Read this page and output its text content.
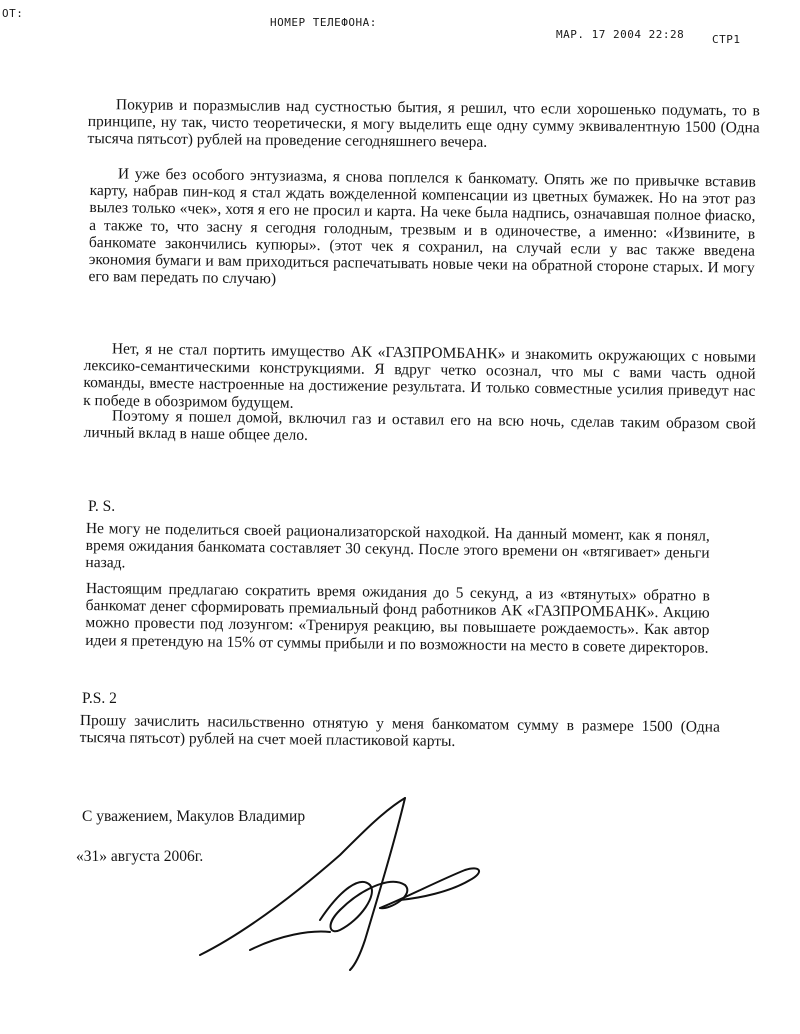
ОТ:
НОМЕР ТЕЛЕФОНА:
МАР. 17 2004 22:28	СТР1
Покурив и поразмыслив над сустностью бытия, я решил, что если хорошенько подумать, то в принципе, ну так, чисто теоретически, я могу выделить еще одну сумму эквивалентную 1500 (Одна тысяча пятьсот) рублей на проведение сегодняшнего вечера.
И уже без особого энтузиазма, я снова поплелся к банкомату. Опять же по привычке вставив карту, набрав пин-код я стал ждать вожделенной компенсации из цветных бумажек. Но на этот раз вылез только «чек», хотя я его не просил и карта. На чеке была надпись, означавшая полное фиаско, а также то, что засну я сегодня голодным, трезвым и в одиночестве, а именно: «Извините, в банкомате закончились купюры». (этот чек я сохранил, на случай если у вас также введена экономия бумаги и вам приходиться распечатывать новые чеки на обратной стороне старых. И могу его вам передать по случаю)
Нет, я не стал портить имущество АК «ГАЗПРОМБАНК» и знакомить окружающих с новыми лексико-семантическими конструкциями. Я вдруг четко осознал, что мы с вами часть одной команды, вместе настроенные на достижение результата. И только совместные усилия приведут нас к победе в обозримом будущем.
Поэтому я пошел домой, включил газ и оставил его на всю ночь, сделав таким образом свой личный вклад в наше общее дело.
P. S.
Не могу не поделиться своей рационализаторской находкой. На данный момент, как я понял, время ожидания банкомата составляет 30 секунд. После этого времени он «втягивает» деньги назад.
Настоящим предлагаю сократить время ожидания до 5 секунд, а из «втянутых» обратно в банкомат денег сформировать премиальный фонд работников АК «ГАЗПРОМБАНК». Акцию можно провести под лозунгом: «Тренируя реакцию, вы повышаете рождаемость». Как автор идеи я претендую на 15% от суммы прибыли и по возможности на место в совете директоров.
P.S. 2
Прошу зачислить насильственно отнятую у меня банкоматом сумму в размере 1500 (Одна тысяча пятьсот) рублей на счет моей пластиковой карты.
С уважением, Макулов Владимир
«31» августа 2006г.
